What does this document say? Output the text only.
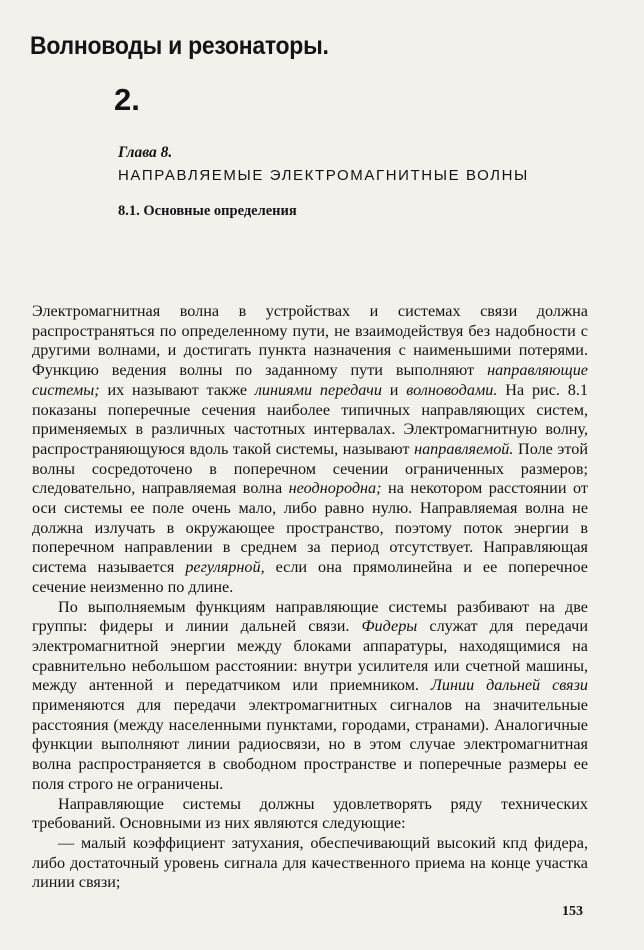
Волноводы и резонаторы.
2.
Глава 8.
НАПРАВЛЯЕМЫЕ ЭЛЕКТРОМАГНИТНЫЕ ВОЛНЫ
8.1. Основные определения

Электромагнитная волна в устройствах и системах связи должна распространяться по определенному пути, не взаимодействуя без надобности с другими волнами, и достигать пункта назначения с наименьшими потерями. Функцию ведения волны по заданному пути выполняют направляющие системы; их называют также линиями передачи и волноводами. На рис. 8.1 показаны поперечные сечения наиболее типичных направляющих систем, применяемых в различных частотных интервалах. Электромагнитную волну, распространяющуюся вдоль такой системы, называют направляемой. Поле этой волны сосредоточено в поперечном сечении ограниченных размеров; следовательно, направляемая волна неоднородна; на некотором расстоянии от оси системы ее поле очень мало, либо равно нулю. Направляемая волна не должна излучать в окружающее пространство, поэтому поток энергии в поперечном направлении в среднем за период отсутствует. Направляющая система называется регулярной, если она прямолинейна и ее поперечное сечение неизменно по длине.

По выполняемым функциям направляющие системы разбивают на две группы: фидеры и линии дальней связи. Фидеры служат для передачи электромагнитной энергии между блоками аппаратуры, находящимися на сравнительно небольшом расстоянии: внутри усилителя или счетной машины, между антенной и передатчиком или приемником. Линии дальней связи применяются для передачи электромагнитных сигналов на значительные расстояния (между населенными пунктами, городами, странами). Аналогичные функции выполняют линии радиосвязи, но в этом случае электромагнитная волна распространяется в свободном пространстве и поперечные размеры ее поля строго не ограничены.

Направляющие системы должны удовлетворять ряду технических требований. Основными из них являются следующие:

— малый коэффициент затухания, обеспечивающий высокий кпд фидера, либо достаточный уровень сигнала для качественного приема на конце участка линии связи;

153
